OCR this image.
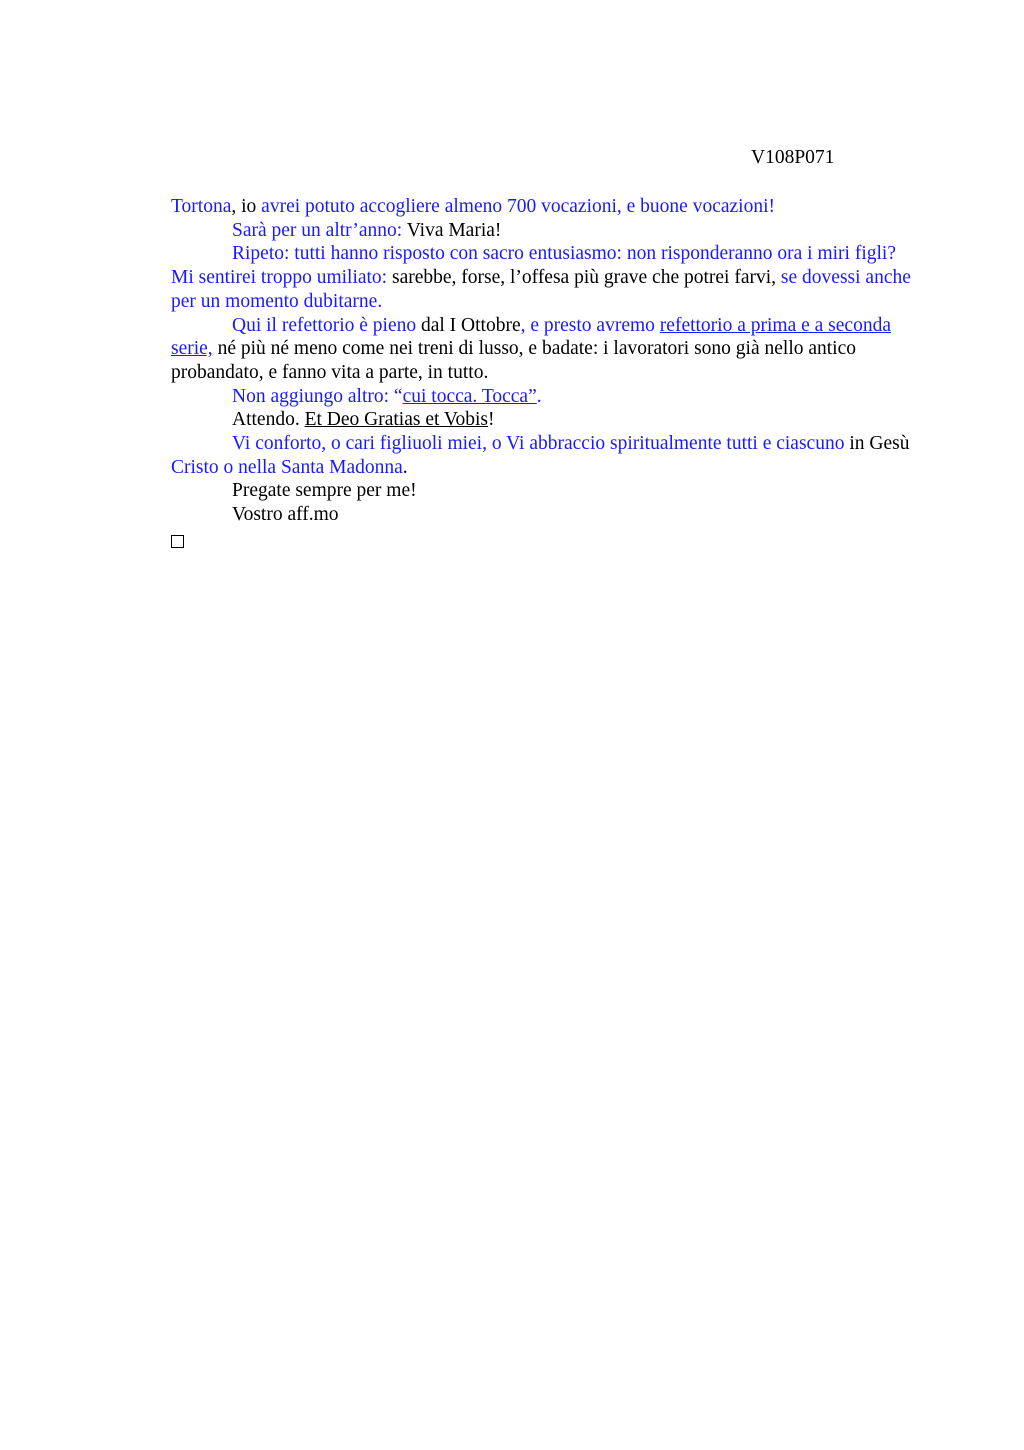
V108P071

Tortona, io avrei potuto accogliere almeno 700 vocazioni, e buone vocazioni!

Sarà per un altr’anno: Viva Maria!

Ripeto: tutti hanno risposto con sacro entusiasmo: non risponderanno ora i miri figli? Mi sentirei troppo umiliato: sarebbe, forse, l’offesa più grave che potrei farvi, se dovessi anche per un momento dubitarne.

Qui il refettorio è pieno dal I Ottobre, e presto avremo refettorio a prima e a seconda serie, né più né meno come nei treni di lusso, e badate: i lavoratori sono già nello antico probandato, e fanno vita a parte, in tutto.

Non aggiungo altro: “cui tocca. Tocca”.

Attendo. Et Deo Gratias et Vobis!

Vi conforto, o cari figliuoli miei, o Vi abbraccio spiritualmente tutti e ciascuno in Gesù Cristo o nella Santa Madonna.

Pregate sempre per me!

Vostro aff.mo
